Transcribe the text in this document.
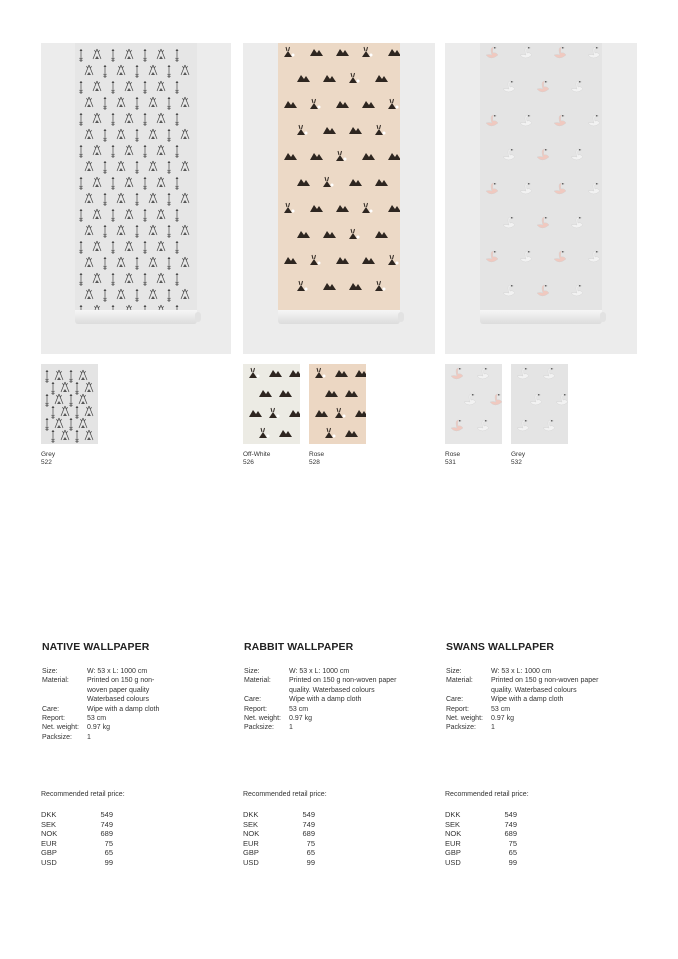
Grey
522
NATIVE WALLPAPER
Size:	W: 53 x L: 1000 cm
Material:	Printed on 150 g non-woven paper quality Waterbased colours
Care:	Wipe with a damp cloth
Report:	53 cm
Net. weight:	0.97 kg
Packsize:	1
Recommended retail price:
DKK	549
SEK	749
NOK	689
EUR	75
GBP	65
USD	99
Off-White
526
Rose
528
RABBIT WALLPAPER
Size:	W: 53 x L: 1000 cm
Material:	Printed on 150 g non-woven paper quality. Waterbased colours
Care:	Wipe with a damp cloth
Report:	53 cm
Net. weight:	0.97 kg
Packsize:	1
Recommended retail price:
DKK	549
SEK	749
NOK	689
EUR	75
GBP	65
USD	99
Rose
531
Grey
532
SWANS WALLPAPER
Size:	W: 53 x L: 1000 cm
Material:	Printed on 150 g non-woven paper quality. Waterbased colours
Care:	Wipe with a damp cloth
Report:	53 cm
Net. weight:	0.97 kg
Packsize:	1
Recommended retail price:
DKK	549
SEK	749
NOK	689
EUR	75
GBP	65
USD	99
